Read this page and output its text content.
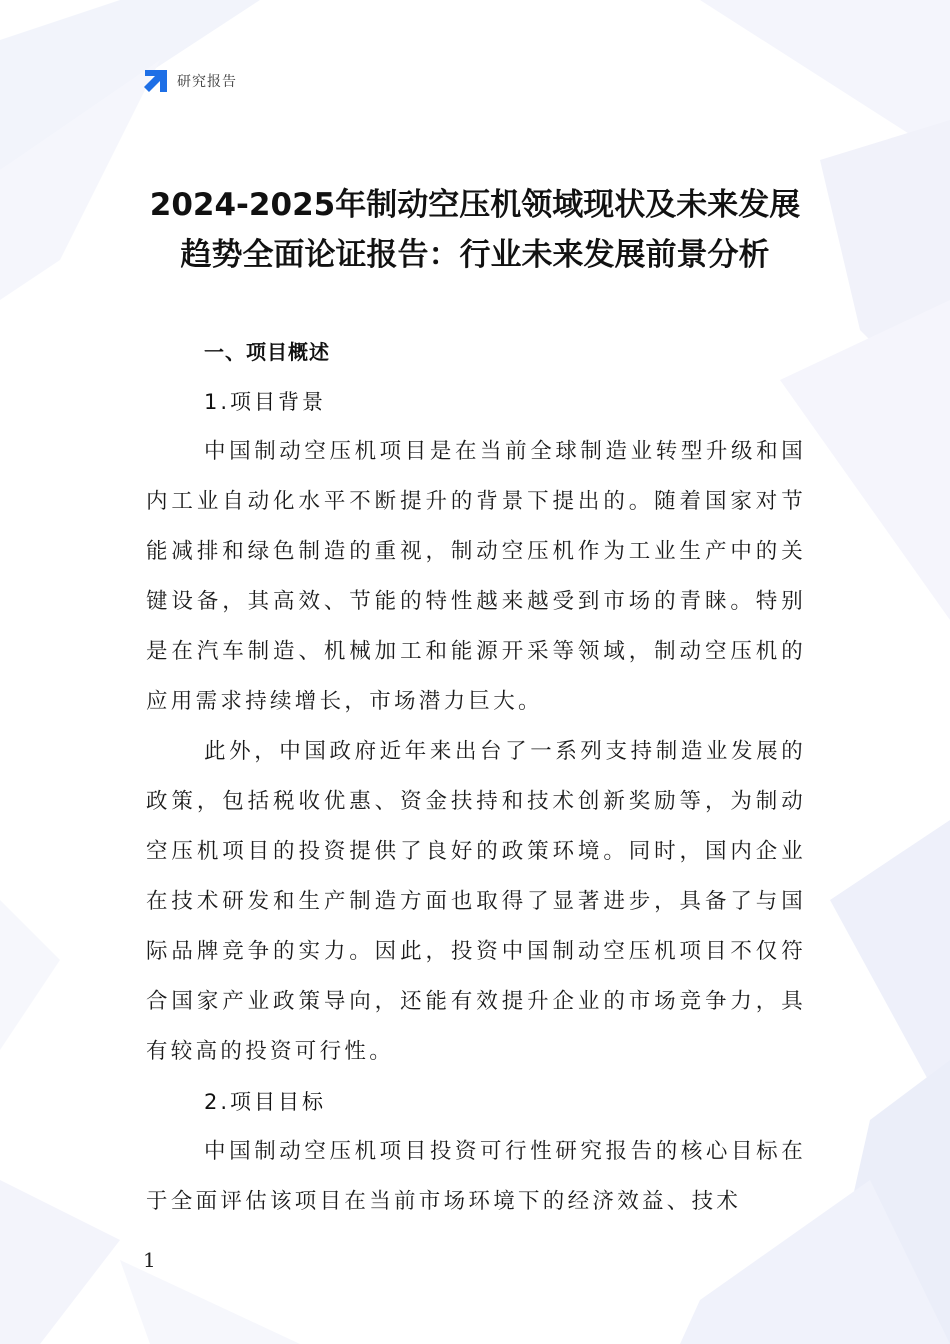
研究报告
2024-2025年制动空压机领域现状及未来发展趋势全面论证报告：行业未来发展前景分析

一、项目概述

1.项目背景

中国制动空压机项目是在当前全球制造业转型升级和国内工业自动化水平不断提升的背景下提出的。随着国家对节能减排和绿色制造的重视，制动空压机作为工业生产中的关键设备，其高效、节能的特性越来越受到市场的青睐。特别是在汽车制造、机械加工和能源开采等领域，制动空压机的应用需求持续增长，市场潜力巨大。

此外，中国政府近年来出台了一系列支持制造业发展的政策，包括税收优惠、资金扶持和技术创新奖励等，为制动空压机项目的投资提供了良好的政策环境。同时，国内企业在技术研发和生产制造方面也取得了显著进步，具备了与国际品牌竞争的实力。因此，投资中国制动空压机项目不仅符合国家产业政策导向，还能有效提升企业的市场竞争力，具有较高的投资可行性。

2.项目目标

中国制动空压机项目投资可行性研究报告的核心目标在于全面评估该项目在当前市场环境下的经济效益、技术

1
